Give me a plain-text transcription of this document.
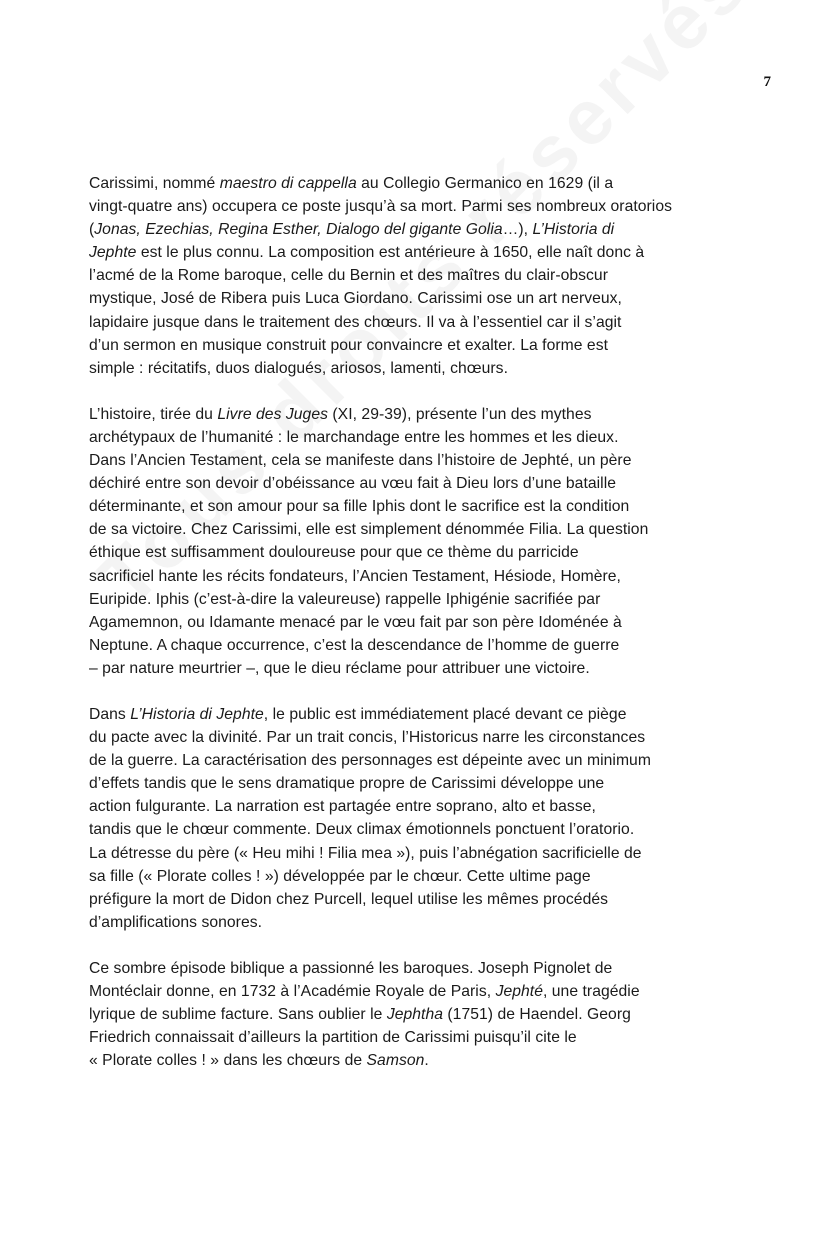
7

Carissimi, nommé maestro di cappella au Collegio Germanico en 1629 (il a
vingt-quatre ans) occupera ce poste jusqu’à sa mort. Parmi ses nombreux oratorios
(Jonas, Ezechias, Regina Esther, Dialogo del gigante Golia…), L’Historia di
Jephte est le plus connu. La composition est antérieure à 1650, elle naît donc à
l’acmé de la Rome baroque, celle du Bernin et des maîtres du clair-obscur
mystique, José de Ribera puis Luca Giordano. Carissimi ose un art nerveux,
lapidaire jusque dans le traitement des chœurs. Il va à l’essentiel car il s’agit
d’un sermon en musique construit pour convaincre et exalter. La forme est
simple : récitatifs, duos dialogués, ariosos, lamenti, chœurs.

L’histoire, tirée du Livre des Juges (XI, 29-39), présente l’un des mythes
archétypaux de l’humanité : le marchandage entre les hommes et les dieux.
Dans l’Ancien Testament, cela se manifeste dans l’histoire de Jephté, un père
déchiré entre son devoir d’obéissance au vœu fait à Dieu lors d’une bataille
déterminante, et son amour pour sa fille Iphis dont le sacrifice est la condition
de sa victoire. Chez Carissimi, elle est simplement dénommée Filia. La question
éthique est suffisamment douloureuse pour que ce thème du parricide
sacrificiel hante les récits fondateurs, l’Ancien Testament, Hésiode, Homère,
Euripide. Iphis (c’est-à-dire la valeureuse) rappelle Iphigénie sacrifiée par
Agamemnon, ou Idamante menacé par le vœu fait par son père Idoménée à
Neptune. A chaque occurrence, c’est la descendance de l’homme de guerre
– par nature meurtrier –, que le dieu réclame pour attribuer une victoire.

Dans L’Historia di Jephte, le public est immédiatement placé devant ce piège
du pacte avec la divinité. Par un trait concis, l’Historicus narre les circonstances
de la guerre. La caractérisation des personnages est dépeinte avec un minimum
d’effets tandis que le sens dramatique propre de Carissimi développe une
action fulgurante. La narration est partagée entre soprano, alto et basse,
tandis que le chœur commente. Deux climax émotionnels ponctuent l’oratorio.
La détresse du père (« Heu mihi ! Filia mea »), puis l’abnégation sacrificielle de
sa fille (« Plorate colles ! ») développée par le chœur. Cette ultime page
préfigure la mort de Didon chez Purcell, lequel utilise les mêmes procédés
d’amplifications sonores.

Ce sombre épisode biblique a passionné les baroques. Joseph Pignolet de
Montéclair donne, en 1732 à l’Académie Royale de Paris, Jephté, une tragédie
lyrique de sublime facture. Sans oublier le Jephtha (1751) de Haendel. Georg
Friedrich connaissait d’ailleurs la partition de Carissimi puisqu’il cite le
« Plorate colles ! » dans les chœurs de Samson.
